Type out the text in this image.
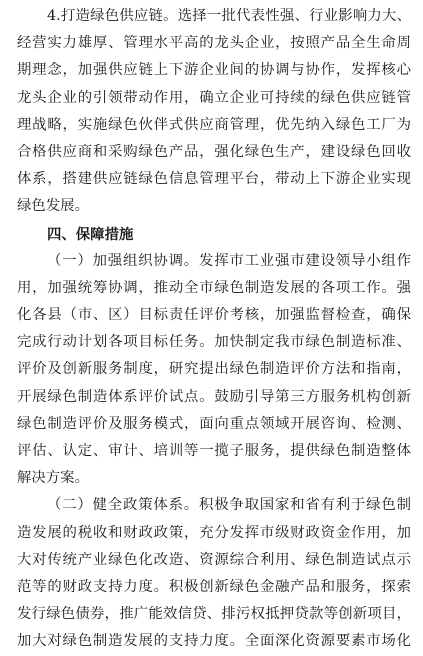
4.打造绿色供应链。选择一批代表性强、行业影响力大、
经营实力雄厚、管理水平高的龙头企业，按照产品全生命周
期理念，加强供应链上下游企业间的协调与协作，发挥核心
龙头企业的引领带动作用，确立企业可持续的绿色供应链管
理战略，实施绿色伙伴式供应商管理，优先纳入绿色工厂为
合格供应商和采购绿色产品，强化绿色生产，建设绿色回收
体系，搭建供应链绿色信息管理平台，带动上下游企业实现
绿色发展。
四、保障措施
（一）加强组织协调。发挥市工业强市建设领导小组作
用，加强统筹协调，推动全市绿色制造发展的各项工作。强
化各县（市、区）目标责任评价考核，加强监督检查，确保
完成行动计划各项目标任务。加快制定我市绿色制造标准、
评价及创新服务制度，研究提出绿色制造评价方法和指南，
开展绿色制造体系评价试点。鼓励引导第三方服务机构创新
绿色制造评价及服务模式，面向重点领域开展咨询、检测、
评估、认定、审计、培训等一揽子服务，提供绿色制造整体
解决方案。
（二）健全政策体系。积极争取国家和省有利于绿色制
造发展的税收和财政政策，充分发挥市级财政资金作用，加
大对传统产业绿色化改造、资源综合利用、绿色制造试点示
范等的财政支持力度。积极创新绿色金融产品和服务，探索
发行绿色债券，推广能效信贷、排污权抵押贷款等创新项目，
加大对绿色制造发展的支持力度。全面深化资源要素市场化
